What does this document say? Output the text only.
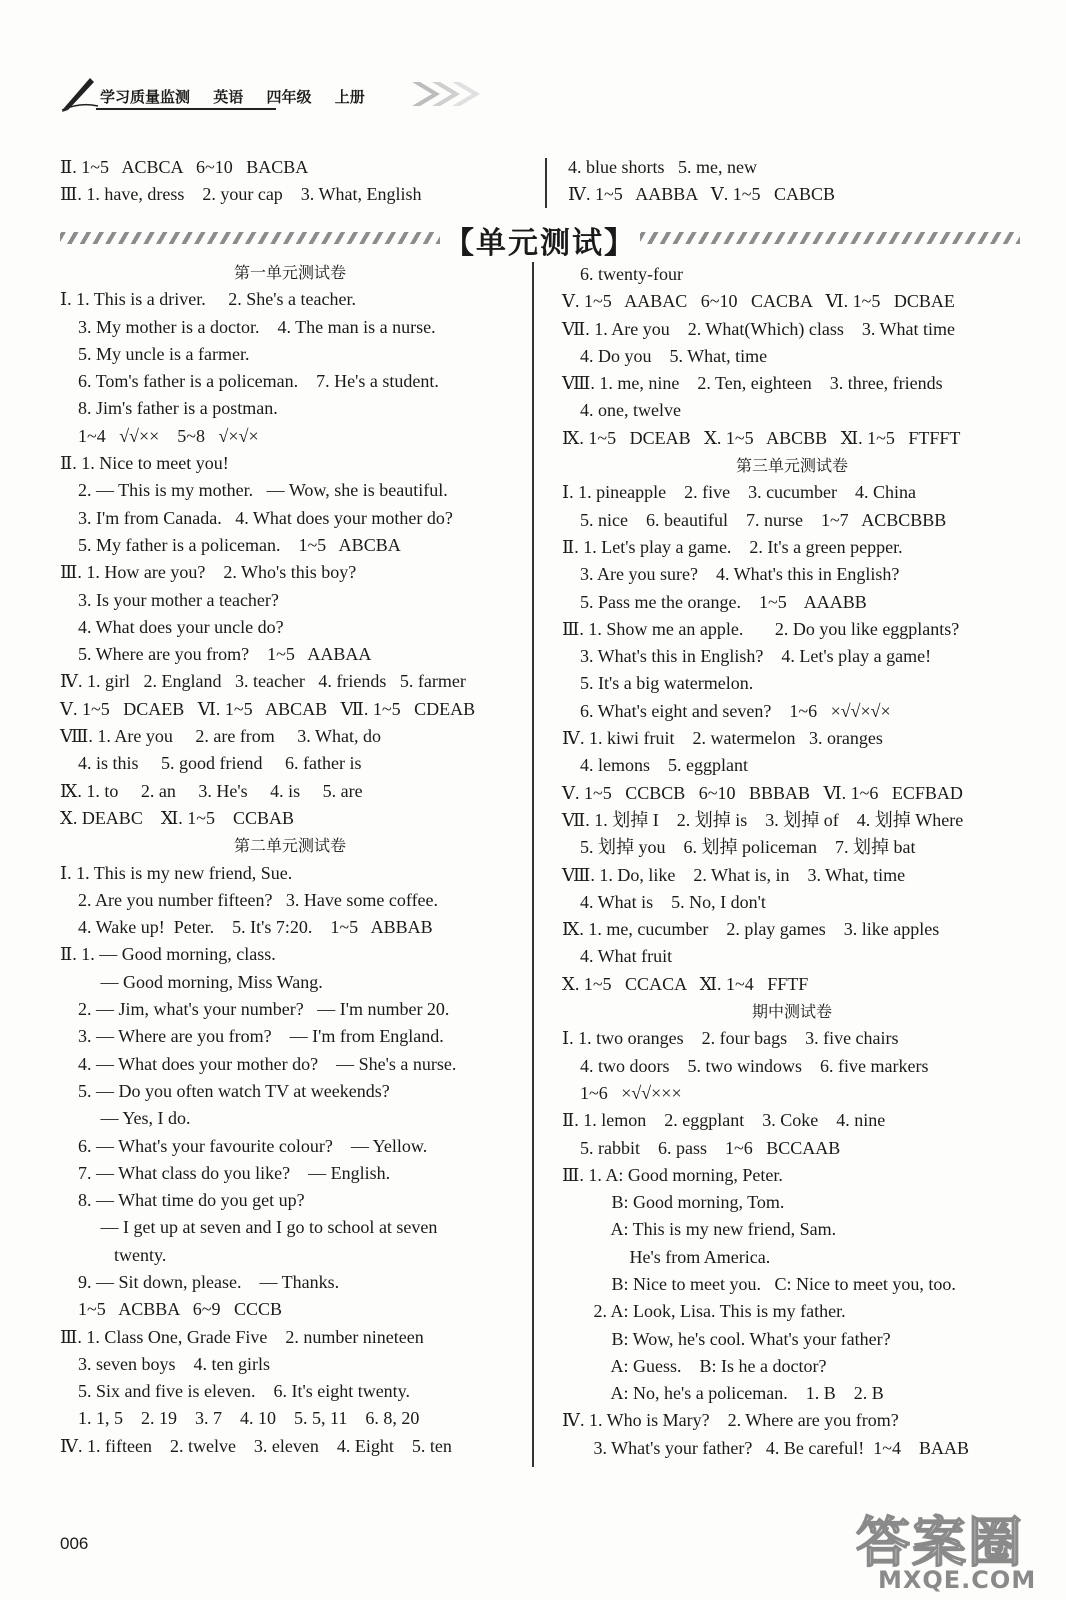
学习质量监测 英语 四年级 上册
Ⅱ. 1~5   ACBCA   6~10   BACBA
Ⅲ. 1. have, dress    2. your cap    3. What, English
4. blue shorts   5. me, new
Ⅳ. 1~5   AABBA   Ⅴ. 1~5   CABCB
【单元测试】
第一单元测试卷
Ⅰ. 1. This is a driver.     2. She's a teacher.
3. My mother is a doctor.    4. The man is a nurse.
5. My uncle is a farmer.
6. Tom's father is a policeman.    7. He's a student.
8. Jim's father is a postman.
1~4   √√××    5~8   √×√×
Ⅱ. 1. Nice to meet you!
2. — This is my mother.   — Wow, she is beautiful.
3. I'm from Canada.   4. What does your mother do?
5. My father is a policeman.    1~5   ABCBA
Ⅲ. 1. How are you?    2. Who's this boy?
3. Is your mother a teacher?
4. What does your uncle do?
5. Where are you from?    1~5   AABAA
Ⅳ. 1. girl   2. England   3. teacher   4. friends   5. farmer
Ⅴ. 1~5   DCAEB   Ⅵ. 1~5   ABCAB   Ⅶ. 1~5   CDEAB
Ⅷ. 1. Are you     2. are from     3. What, do
4. is this     5. good friend     6. father is
Ⅸ. 1. to     2. an     3. He's     4. is     5. are
Ⅹ. DEABC    Ⅺ. 1~5    CCBAB
第二单元测试卷
Ⅰ. 1. This is my new friend, Sue.
2. Are you number fifteen?   3. Have some coffee.
4. Wake up!  Peter.    5. It's 7:20.    1~5   ABBAB
Ⅱ. 1. — Good morning, class.
— Good morning, Miss Wang.
2. — Jim, what's your number?   — I'm number 20.
3. — Where are you from?    — I'm from England.
4. — What does your mother do?    — She's a nurse.
5. — Do you often watch TV at weekends?
— Yes, I do.
6. — What's your favourite colour?    — Yellow.
7. — What class do you like?    — English.
8. — What time do you get up?
— I get up at seven and I go to school at seven
twenty.
9. — Sit down, please.    — Thanks.
1~5   ACBBA   6~9   CCCB
Ⅲ. 1. Class One, Grade Five    2. number nineteen
3. seven boys    4. ten girls
5. Six and five is eleven.    6. It's eight twenty.
1. 1, 5    2. 19    3. 7    4. 10    5. 5, 11    6. 8, 20
Ⅳ. 1. fifteen    2. twelve    3. eleven    4. Eight    5. ten
6. twenty-four
Ⅴ. 1~5   AABAC   6~10   CACBA   Ⅵ. 1~5   DCBAE
Ⅶ. 1. Are you    2. What(Which) class    3. What time
4. Do you    5. What, time
Ⅷ. 1. me, nine    2. Ten, eighteen    3. three, friends
4. one, twelve
Ⅸ. 1~5   DCEAB   Ⅹ. 1~5   ABCBB   Ⅺ. 1~5   FTFFT
第三单元测试卷
Ⅰ. 1. pineapple    2. five    3. cucumber    4. China
5. nice    6. beautiful    7. nurse    1~7   ACBCBBB
Ⅱ. 1. Let's play a game.    2. It's a green pepper.
3. Are you sure?    4. What's this in English?
5. Pass me the orange.    1~5    AAABB
Ⅲ. 1. Show me an apple.       2. Do you like eggplants?
3. What's this in English?    4. Let's play a game!
5. It's a big watermelon.
6. What's eight and seven?    1~6   ×√√×√×
Ⅳ. 1. kiwi fruit    2. watermelon   3. oranges
4. lemons    5. eggplant
Ⅴ. 1~5   CCBCB   6~10   BBBAB   Ⅵ. 1~6   ECFBAD
Ⅶ. 1. 划掉 I    2. 划掉 is    3. 划掉 of    4. 划掉 Where
5. 划掉 you    6. 划掉 policeman    7. 划掉 bat
Ⅷ. 1. Do, like    2. What is, in    3. What, time
4. What is    5. No, I don't
Ⅸ. 1. me, cucumber    2. play games    3. like apples
4. What fruit
Ⅹ. 1~5   CCACA   Ⅺ. 1~4   FFTF
期中测试卷
Ⅰ. 1. two oranges    2. four bags    3. five chairs
4. two doors    5. two windows    6. five markers
1~6   ×√√×××
Ⅱ. 1. lemon    2. eggplant    3. Coke    4. nine
5. rabbit    6. pass    1~6   BCCAAB
Ⅲ. 1. A: Good morning, Peter.
B: Good morning, Tom.
A: This is my new friend, Sam.
He's from America.
B: Nice to meet you.   C: Nice to meet you, too.
2. A: Look, Lisa. This is my father.
B: Wow, he's cool. What's your father?
A: Guess.    B: Is he a doctor?
A: No, he's a policeman.    1. B    2. B
Ⅳ. 1. Who is Mary?    2. Where are you from?
3. What's your father?   4. Be careful!  1~4    BAAB
006	答案圈
MXQE.COM
